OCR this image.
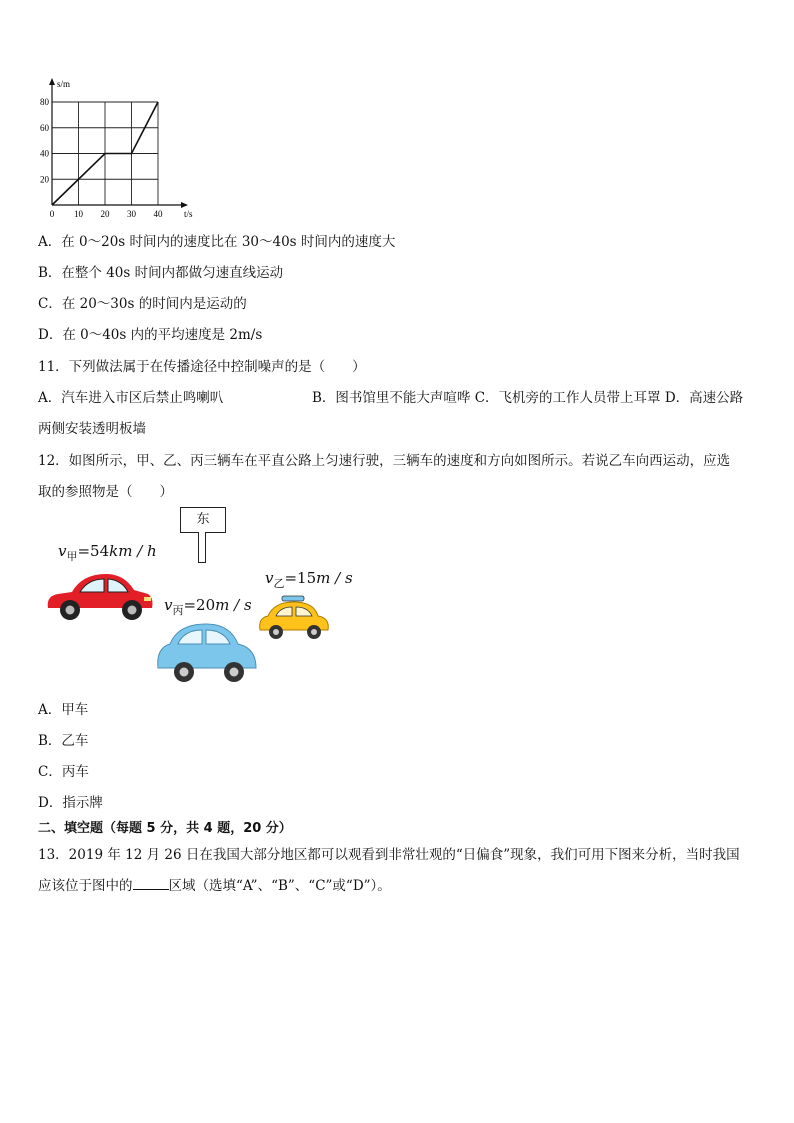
0 10 20 30 40
20
40
60
80
t/s
s/m
A．在 0～20s 时间内的速度比在 30～40s 时间内的速度大
B．在整个 40s 时间内都做匀速直线运动
C．在 20～30s 的时间内是运动的
D．在 0～40s 内的平均速度是 2m/s
11．下列做法属于在传播途径中控制噪声的是（　　）
A．汽车进入市区后禁止鸣喇叭	B．图书馆里不能大声喧哗 C．飞机旁的工作人员带上耳罩 D．高速公路
两侧安装透明板墙
12．如图所示，甲、乙、丙三辆车在平直公路上匀速行驶，三辆车的速度和方向如图所示。若说乙车向西运动，应选
取的参照物是（　　）
东
$v_甲=54km / h$
$v_丙=20m / s$
$v_乙=15m / s$
A．甲车
B．乙车
C．丙车
D．指示牌
二、填空题（每题 5 分，共 4 题，20 分）
13．2019 年 12 月 26 日在我国大部分地区都可以观看到非常壮观的“日偏食”现象，我们可用下图来分析，当时我国
应该位于图中的	区域（选填“A”、“B”、“C”或“D”）。
